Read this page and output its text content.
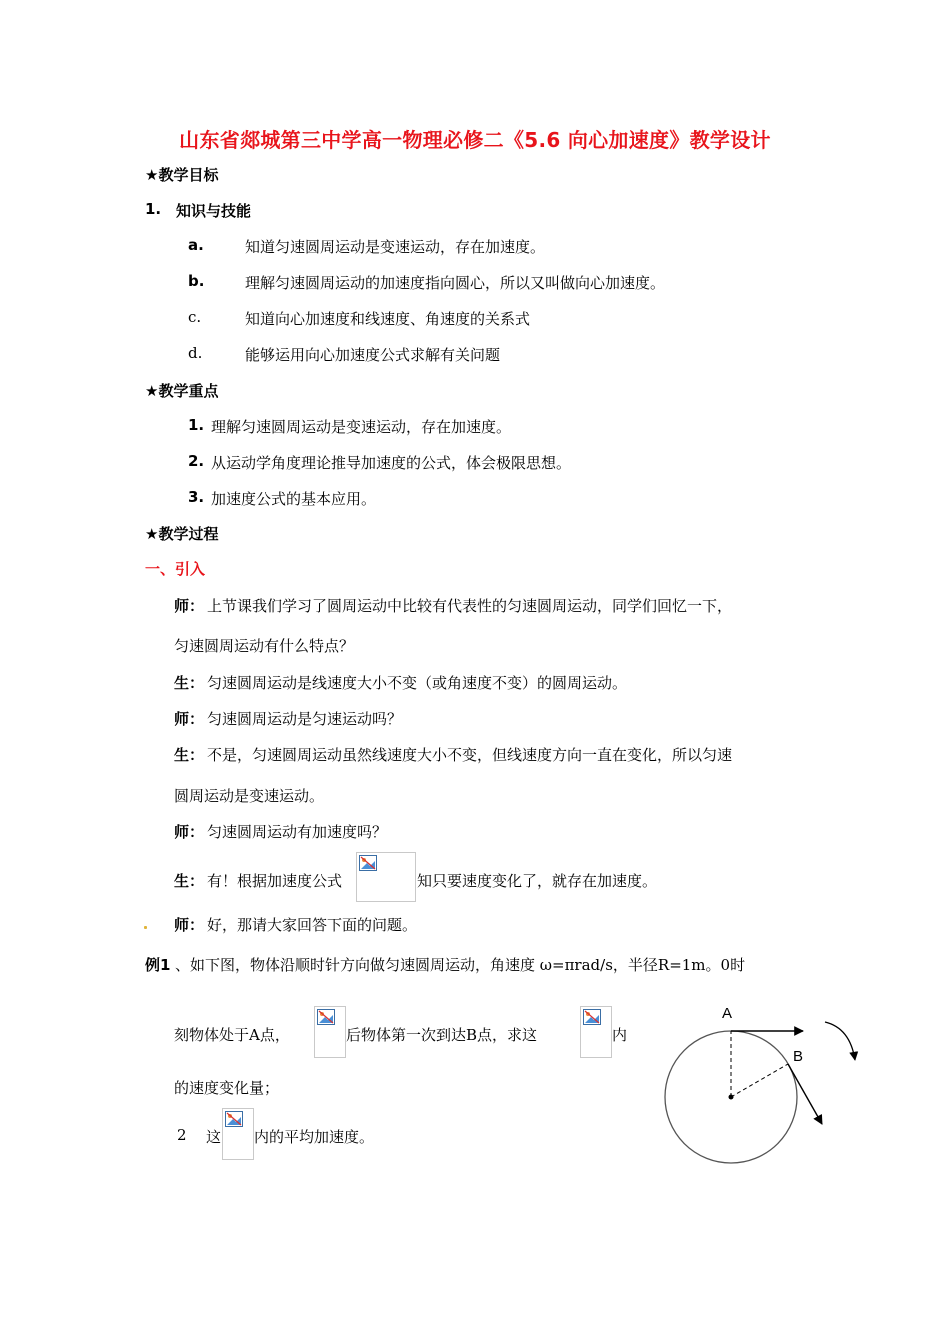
山东省郯城第三中学高一物理必修二《5.6 向心加速度》教学设计
★教学目标
1. 知识与技能
a.	知道匀速圆周运动是变速运动，存在加速度。
b.	理解匀速圆周运动的加速度指向圆心，所以又叫做向心加速度。
c.	知道向心加速度和线速度、角速度的关系式
d.	能够运用向心加速度公式求解有关问题
★教学重点
1. 理解匀速圆周运动是变速运动，存在加速度。
2. 从运动学角度理论推导加速度的公式，体会极限思想。
3. 加速度公式的基本应用。
★教学过程
一、引入
师： 上节课我们学习了圆周运动中比较有代表性的匀速圆周运动，同学们回忆一下，
匀速圆周运动有什么特点？
生： 匀速圆周运动是线速度大小不变（或角速度不变）的圆周运动。
师： 匀速圆周运动是匀速运动吗？
生： 不是，匀速圆周运动虽然线速度大小不变，但线速度方向一直在变化，所以匀速
圆周运动是变速运动。
师： 匀速圆周运动有加速度吗？
生： 有！根据加速度公式	知只要速度变化了，就存在加速度。
师： 好，那请大家回答下面的问题。
例1 、如下图，物体沿顺时针方向做匀速圆周运动，角速度 ω=πrad/s，半径R=1m。0时
刻物体处于A点，	后物体第一次到达B点，求这	内
的速度变化量；
2 这 内的平均加速度。
A
B
